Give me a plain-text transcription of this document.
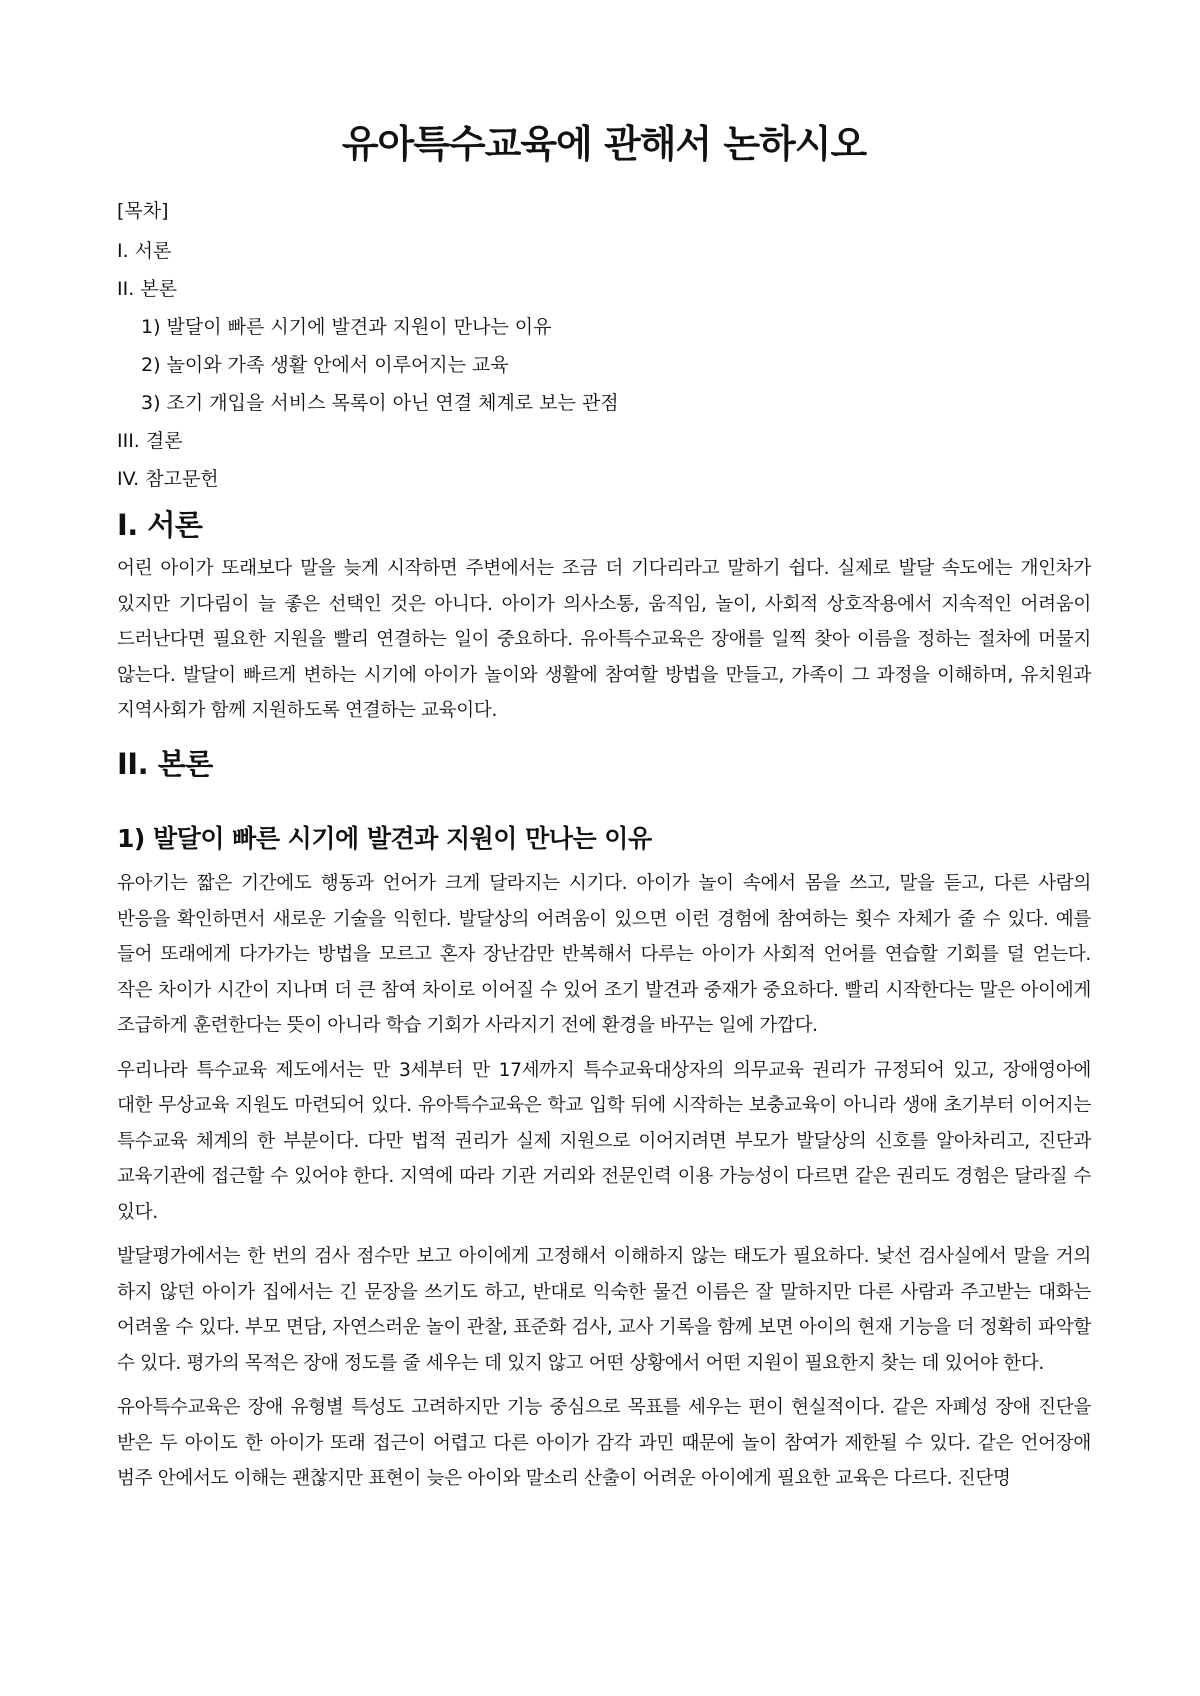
유아특수교육에 관해서 논하시오
[목차]
I. 서론
II. 본론
1) 발달이 빠른 시기에 발견과 지원이 만나는 이유
2) 놀이와 가족 생활 안에서 이루어지는 교육
3) 조기 개입을 서비스 목록이 아닌 연결 체계로 보는 관점
III. 결론
IV. 참고문헌
I. 서론

어린 아이가 또래보다 말을 늦게 시작하면 주변에서는 조금 더 기다리라고 말하기 쉽다. 실제로 발달 속도에는 개인차가 있지만 기다림이 늘 좋은 선택인 것은 아니다. 아이가 의사소통, 움직임, 놀이, 사회적 상호작용에서 지속적인 어려움이 드러난다면 필요한 지원을 빨리 연결하는 일이 중요하다. 유아특수교육은 장애를 일찍 찾아 이름을 정하는 절차에 머물지 않는다. 발달이 빠르게 변하는 시기에 아이가 놀이와 생활에 참여할 방법을 만들고, 가족이 그 과정을 이해하며, 유치원과 지역사회가 함께 지원하도록 연결하는 교육이다.

II. 본론
1) 발달이 빠른 시기에 발견과 지원이 만나는 이유

유아기는 짧은 기간에도 행동과 언어가 크게 달라지는 시기다. 아이가 놀이 속에서 몸을 쓰고, 말을 듣고, 다른 사람의 반응을 확인하면서 새로운 기술을 익힌다. 발달상의 어려움이 있으면 이런 경험에 참여하는 횟수 자체가 줄 수 있다. 예를 들어 또래에게 다가가는 방법을 모르고 혼자 장난감만 반복해서 다루는 아이가 사회적 언어를 연습할 기회를 덜 얻는다. 작은 차이가 시간이 지나며 더 큰 참여 차이로 이어질 수 있어 조기 발견과 중재가 중요하다. 빨리 시작한다는 말은 아이에게 조급하게 훈련한다는 뜻이 아니라 학습 기회가 사라지기 전에 환경을 바꾸는 일에 가깝다.

우리나라 특수교육 제도에서는 만 3세부터 만 17세까지 특수교육대상자의 의무교육 권리가 규정되어 있고, 장애영아에 대한 무상교육 지원도 마련되어 있다. 유아특수교육은 학교 입학 뒤에 시작하는 보충교육이 아니라 생애 초기부터 이어지는 특수교육 체계의 한 부분이다. 다만 법적 권리가 실제 지원으로 이어지려면 부모가 발달상의 신호를 알아차리고, 진단과 교육기관에 접근할 수 있어야 한다. 지역에 따라 기관 거리와 전문인력 이용 가능성이 다르면 같은 권리도 경험은 달라질 수 있다.

발달평가에서는 한 번의 검사 점수만 보고 아이에게 고정해서 이해하지 않는 태도가 필요하다. 낯선 검사실에서 말을 거의 하지 않던 아이가 집에서는 긴 문장을 쓰기도 하고, 반대로 익숙한 물건 이름은 잘 말하지만 다른 사람과 주고받는 대화는 어려울 수 있다. 부모 면담, 자연스러운 놀이 관찰, 표준화 검사, 교사 기록을 함께 보면 아이의 현재 기능을 더 정확히 파악할 수 있다. 평가의 목적은 장애 정도를 줄 세우는 데 있지 않고 어떤 상황에서 어떤 지원이 필요한지 찾는 데 있어야 한다.

유아특수교육은 장애 유형별 특성도 고려하지만 기능 중심으로 목표를 세우는 편이 현실적이다. 같은 자폐성 장애 진단을 받은 두 아이도 한 아이가 또래 접근이 어렵고 다른 아이가 감각 과민 때문에 놀이 참여가 제한될 수 있다. 같은 언어장애 범주 안에서도 이해는 괜찮지만 표현이 늦은 아이와 말소리 산출이 어려운 아이에게 필요한 교육은 다르다. 진단명
